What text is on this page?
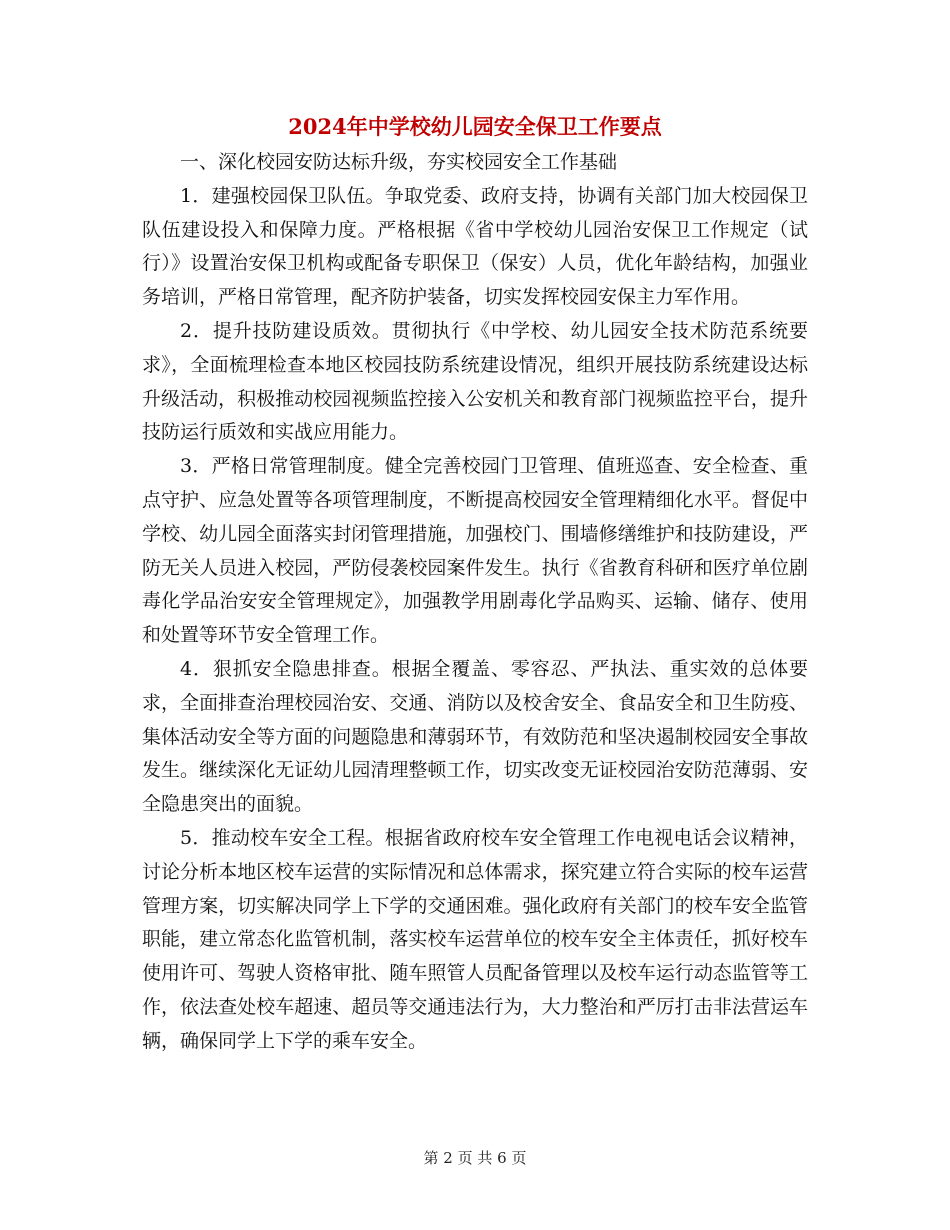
2024年中学校幼儿园安全保卫工作要点

一、深化校园安防达标升级，夯实校园安全工作基础

1．建强校园保卫队伍。争取党委、政府支持，协调有关部门加大校园保卫队伍建设投入和保障力度。严格根据《省中学校幼儿园治安保卫工作规定（试行）》设置治安保卫机构或配备专职保卫（保安）人员，优化年龄结构，加强业务培训，严格日常管理，配齐防护装备，切实发挥校园安保主力军作用。

2．提升技防建设质效。贯彻执行《中学校、幼儿园安全技术防范系统要求》，全面梳理检查本地区校园技防系统建设情况，组织开展技防系统建设达标升级活动，积极推动校园视频监控接入公安机关和教育部门视频监控平台，提升技防运行质效和实战应用能力。

3．严格日常管理制度。健全完善校园门卫管理、值班巡查、安全检查、重点守护、应急处置等各项管理制度，不断提高校园安全管理精细化水平。督促中学校、幼儿园全面落实封闭管理措施，加强校门、围墙修缮维护和技防建设，严防无关人员进入校园，严防侵袭校园案件发生。执行《省教育科研和医疗单位剧毒化学品治安安全管理规定》，加强教学用剧毒化学品购买、运输、储存、使用和处置等环节安全管理工作。

4．狠抓安全隐患排查。根据全覆盖、零容忍、严执法、重实效的总体要求，全面排查治理校园治安、交通、消防以及校舍安全、食品安全和卫生防疫、集体活动安全等方面的问题隐患和薄弱环节，有效防范和坚决遏制校园安全事故发生。继续深化无证幼儿园清理整顿工作，切实改变无证校园治安防范薄弱、安全隐患突出的面貌。

5．推动校车安全工程。根据省政府校车安全管理工作电视电话会议精神，讨论分析本地区校车运营的实际情况和总体需求，探究建立符合实际的校车运营管理方案，切实解决同学上下学的交通困难。强化政府有关部门的校车安全监管职能，建立常态化监管机制，落实校车运营单位的校车安全主体责任，抓好校车使用许可、驾驶人资格审批、随车照管人员配备管理以及校车运行动态监管等工作，依法查处校车超速、超员等交通违法行为，大力整治和严厉打击非法营运车辆，确保同学上下学的乘车安全。

第 2 页 共 6 页
